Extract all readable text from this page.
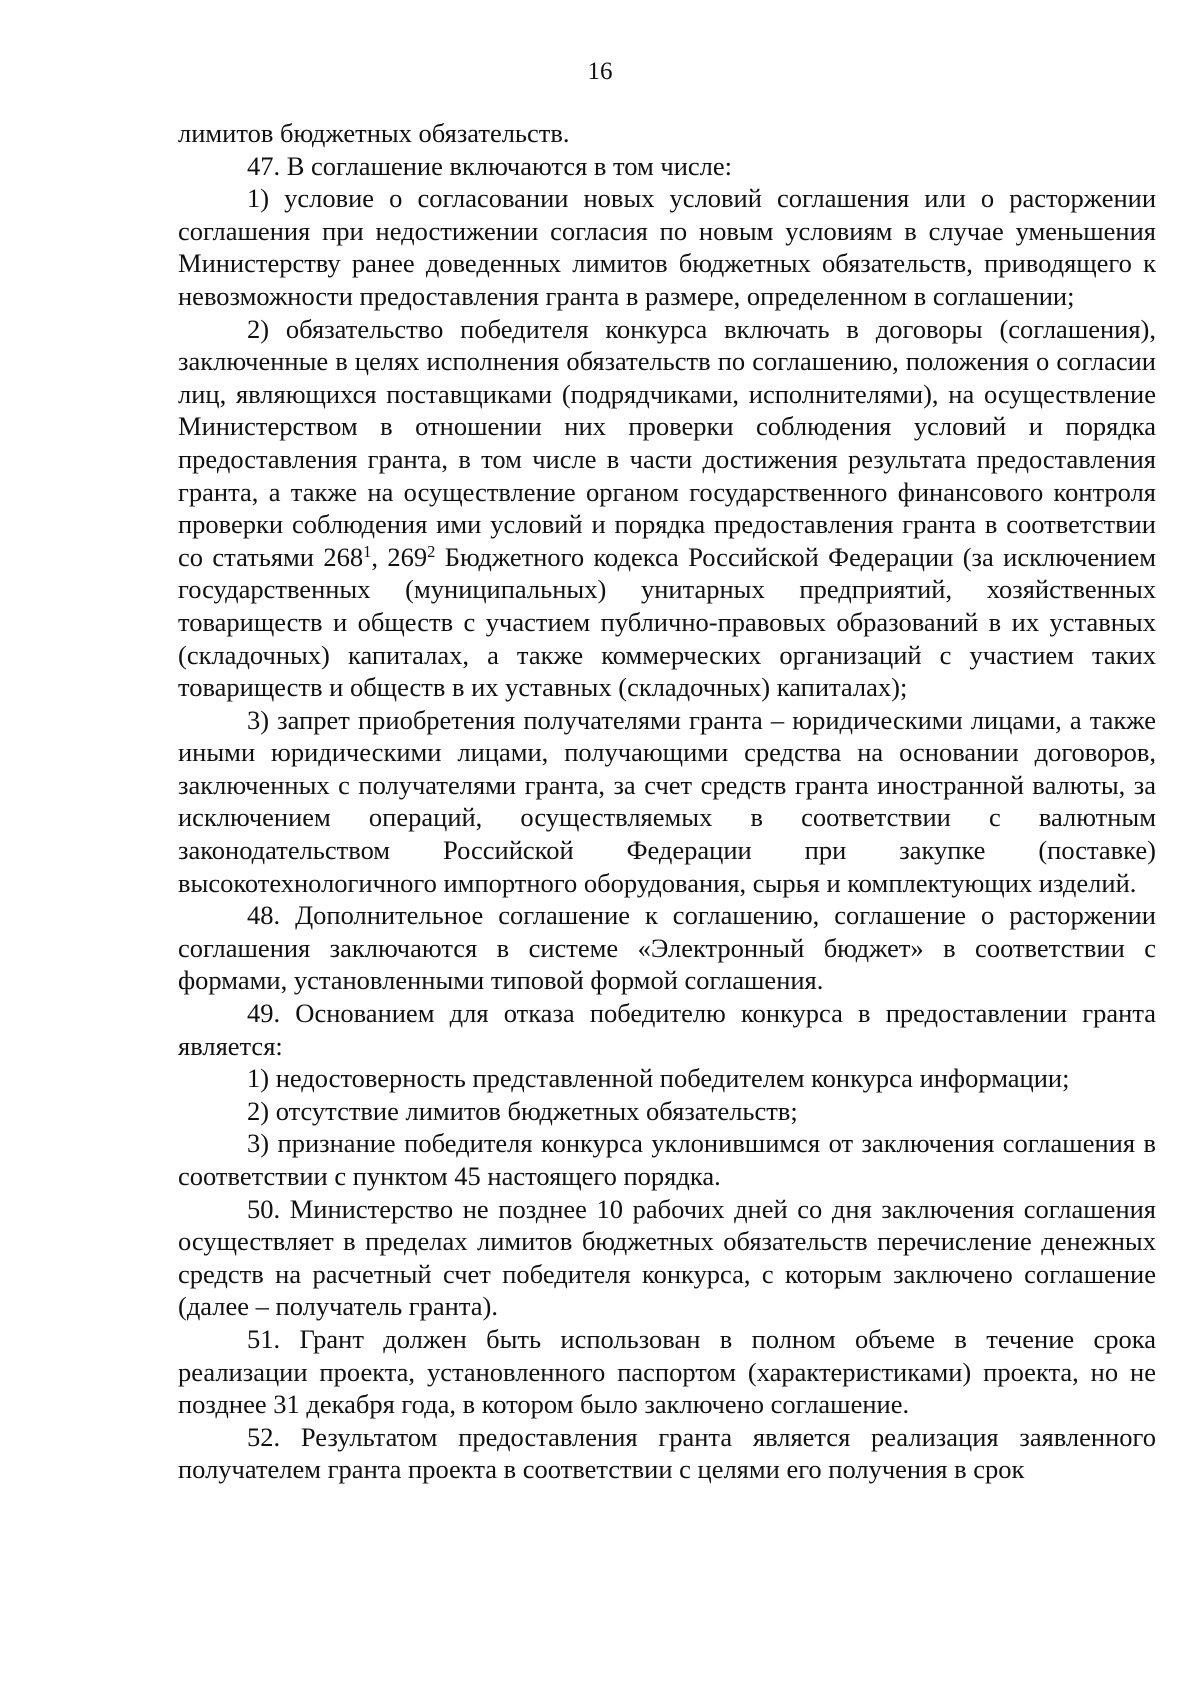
16

лимитов бюджетных обязательств.

47. В соглашение включаются в том числе:

1) условие о согласовании новых условий соглашения или о расторжении соглашения при недостижении согласия по новым условиям в случае уменьшения Министерству ранее доведенных лимитов бюджетных обязательств, приводящего к невозможности предоставления гранта в размере, определенном в соглашении;

2) обязательство победителя конкурса включать в договоры (соглашения), заключенные в целях исполнения обязательств по соглашению, положения о согласии лиц, являющихся поставщиками (подрядчиками, исполнителями), на осуществление Министерством в отношении них проверки соблюдения условий и порядка предоставления гранта, в том числе в части достижения результата предоставления гранта, а также на осуществление органом государственного финансового контроля проверки соблюдения ими условий и порядка предоставления гранта в соответствии со статьями $268^1$, $269^2$ Бюджетного кодекса Российской Федерации (за исключением государственных (муниципальных) унитарных предприятий, хозяйственных товариществ и обществ с участием публично-правовых образований в их уставных (складочных) капиталах, а также коммерческих организаций с участием таких товариществ и обществ в их уставных (складочных) капиталах);

3) запрет приобретения получателями гранта – юридическими лицами, а также иными юридическими лицами, получающими средства на основании договоров, заключенных с получателями гранта, за счет средств гранта иностранной валюты, за исключением операций, осуществляемых в соответствии с валютным законодательством Российской Федерации при закупке (поставке) высокотехнологичного импортного оборудования, сырья и комплектующих изделий.

48. Дополнительное соглашение к соглашению, соглашение о расторжении соглашения заключаются в системе «Электронный бюджет» в соответствии с формами, установленными типовой формой соглашения.

49. Основанием для отказа победителю конкурса в предоставлении гранта является:

1) недостоверность представленной победителем конкурса информации;

2) отсутствие лимитов бюджетных обязательств;

3) признание победителя конкурса уклонившимся от заключения соглашения в соответствии с пунктом 45 настоящего порядка.

50. Министерство не позднее 10 рабочих дней со дня заключения соглашения осуществляет в пределах лимитов бюджетных обязательств перечисление денежных средств на расчетный счет победителя конкурса, с которым заключено соглашение (далее – получатель гранта).

51. Грант должен быть использован в полном объеме в течение срока реализации проекта, установленного паспортом (характеристиками) проекта, но не позднее 31 декабря года, в котором было заключено соглашение.

52. Результатом предоставления гранта является реализация заявленного получателем гранта проекта в соответствии с целями его получения в срок
